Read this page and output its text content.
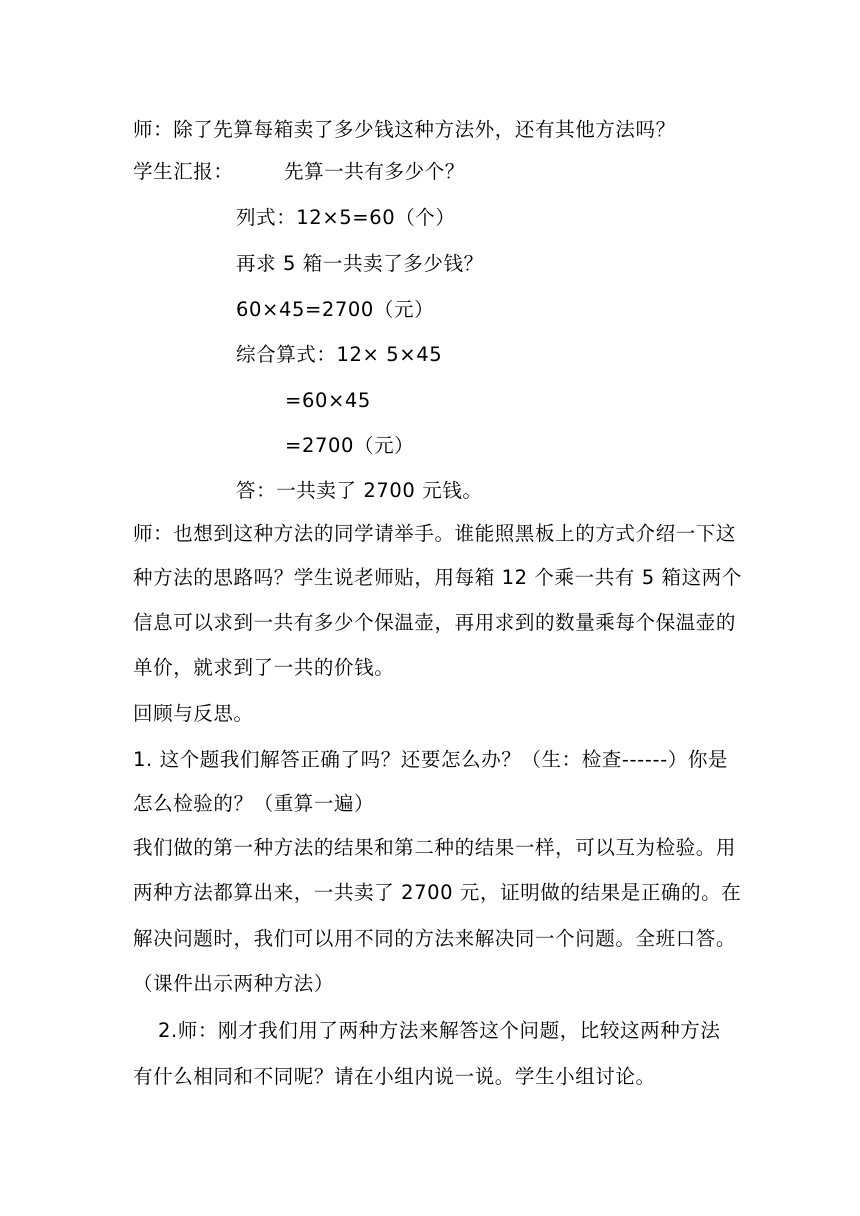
师：除了先算每箱卖了多少钱这种方法外，还有其他方法吗？
学生汇报：	先算一共有多少个？
列式：12×5=60（个）
再求 5 箱一共卖了多少钱？
60×45=2700（元）
综合算式：12× 5×45
=60×45
=2700（元）
答：一共卖了 2700 元钱。
师：也想到这种方法的同学请举手。谁能照黑板上的方式介绍一下这
种方法的思路吗？学生说老师贴，用每箱 12 个乘一共有 5 箱这两个
信息可以求到一共有多少个保温壶，再用求到的数量乘每个保温壶的
单价，就求到了一共的价钱。
回顾与反思。
1. 这个题我们解答正确了吗？还要怎么办？（生：检查------）你是
怎么检验的？（重算一遍）
我们做的第一种方法的结果和第二种的结果一样，可以互为检验。用
两种方法都算出来，一共卖了 2700 元，证明做的结果是正确的。在
解决问题时，我们可以用不同的方法来解决同一个问题。全班口答。
（课件出示两种方法）
2.师：刚才我们用了两种方法来解答这个问题，比较这两种方法
有什么相同和不同呢？请在小组内说一说。学生小组讨论。
